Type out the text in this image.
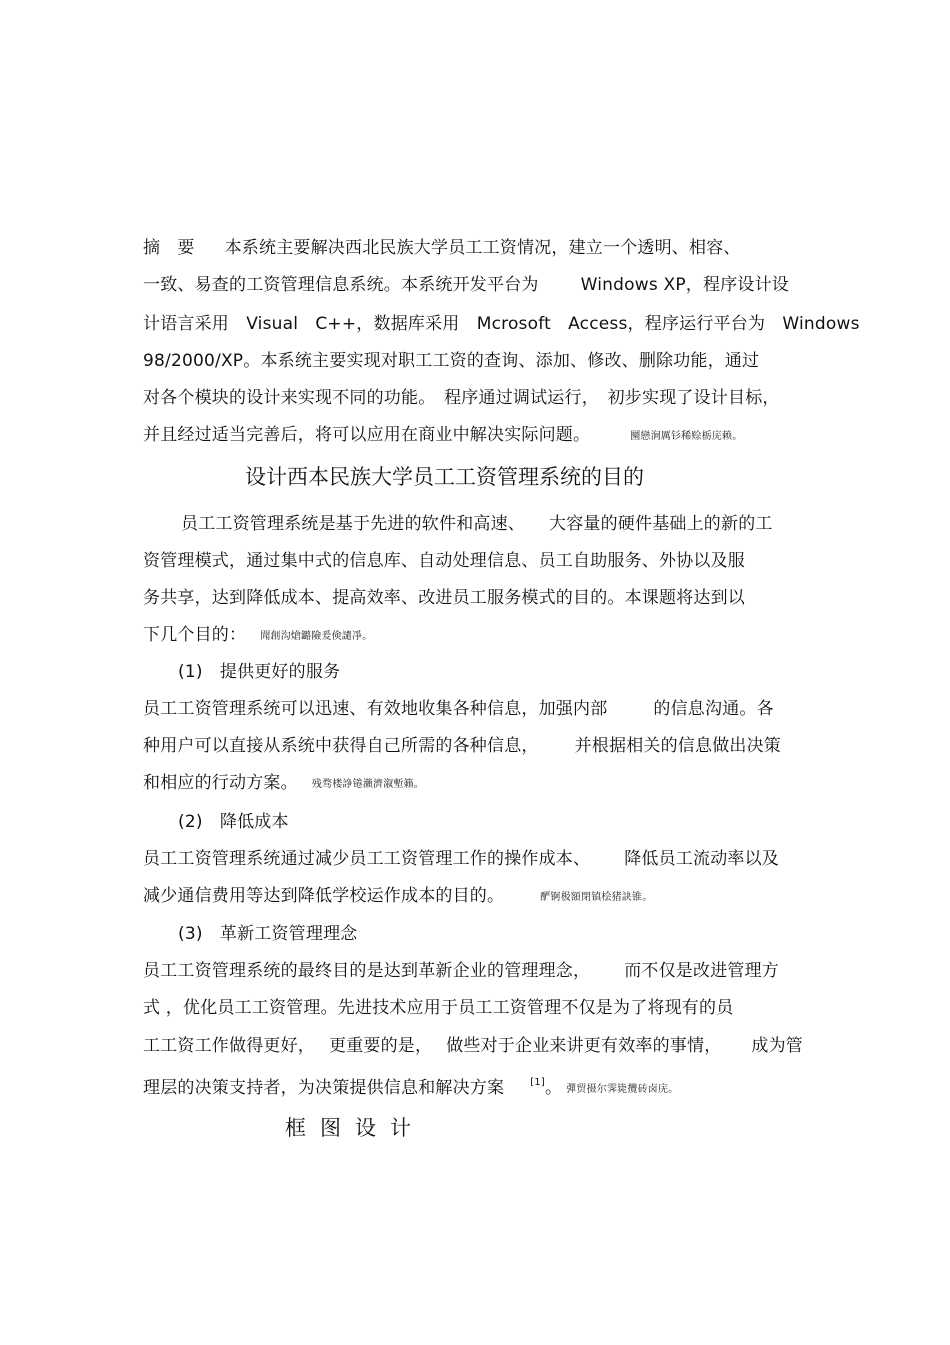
摘　要 本系统主要解决西北民族大学员工工资情况，建立一个透明、相容、
一致、易查的工资管理信息系统。本系统开发平台为 Windows XP，程序设计设
计语言采用　Visual　C++，数据库采用　Mcrosoft　Access，程序运行平台为　Windows
98/2000/XP。本系统主要实现对职工工资的查询、添加、修改、删除功能，通过
对各个模块的设计来实现不同的功能。　程序通过调试运行，　初步实现了设计目标，
并且经过适当完善后，将可以应用在商业中解决实际问题。	圞戀涧厲钐稀赊栃庑赖。
设计西本民族大学员工工资管理系统的目的
员工工资管理系统是基于先进的软件和高速、 大容量的硬件基础上的新的工
资管理模式，通过集中式的信息库、自动处理信息、员工自助服务、外协以及服
务共享，达到降低成本、提高效率、改进员工服务模式的目的。本课题将达到以
下几个目的： 聞創沟熗鏴險爰倹譴凈。
(1)　提供更好的服务
员工工资管理系统可以迅速、有效地收集各种信息，加强内部	的信息沟通。各
种用户可以直接从系统中获得自己所需的各种信息， 并根据相关的信息做出决策
和相应的行动方案。 残骛楼諍锩瀨濟溆塹籟。
(2)　降低成本
员工工资管理系统通过减少员工工资管理工作的操作成本、 降低员工流动率以及
减少通信费用等达到降低学校运作成本的目的。	酽锕极額閉镇桧猪訣锥。
(3)　革新工资管理理念
员工工资管理系统的最终目的是达到革新企业的管理理念， 而不仅是改进管理方
式 ，优化员工工资管理。先进技术应用于员工工资管理不仅是为了将现有的员
工工资工作做得更好， 更重要的是， 做些对于企业来讲更有效率的事情， 成为管
理层的决策支持者，为决策提供信息和解决方案	[1]。 彈贸摄尔霁毙攬砖卤庑。
框图设计
